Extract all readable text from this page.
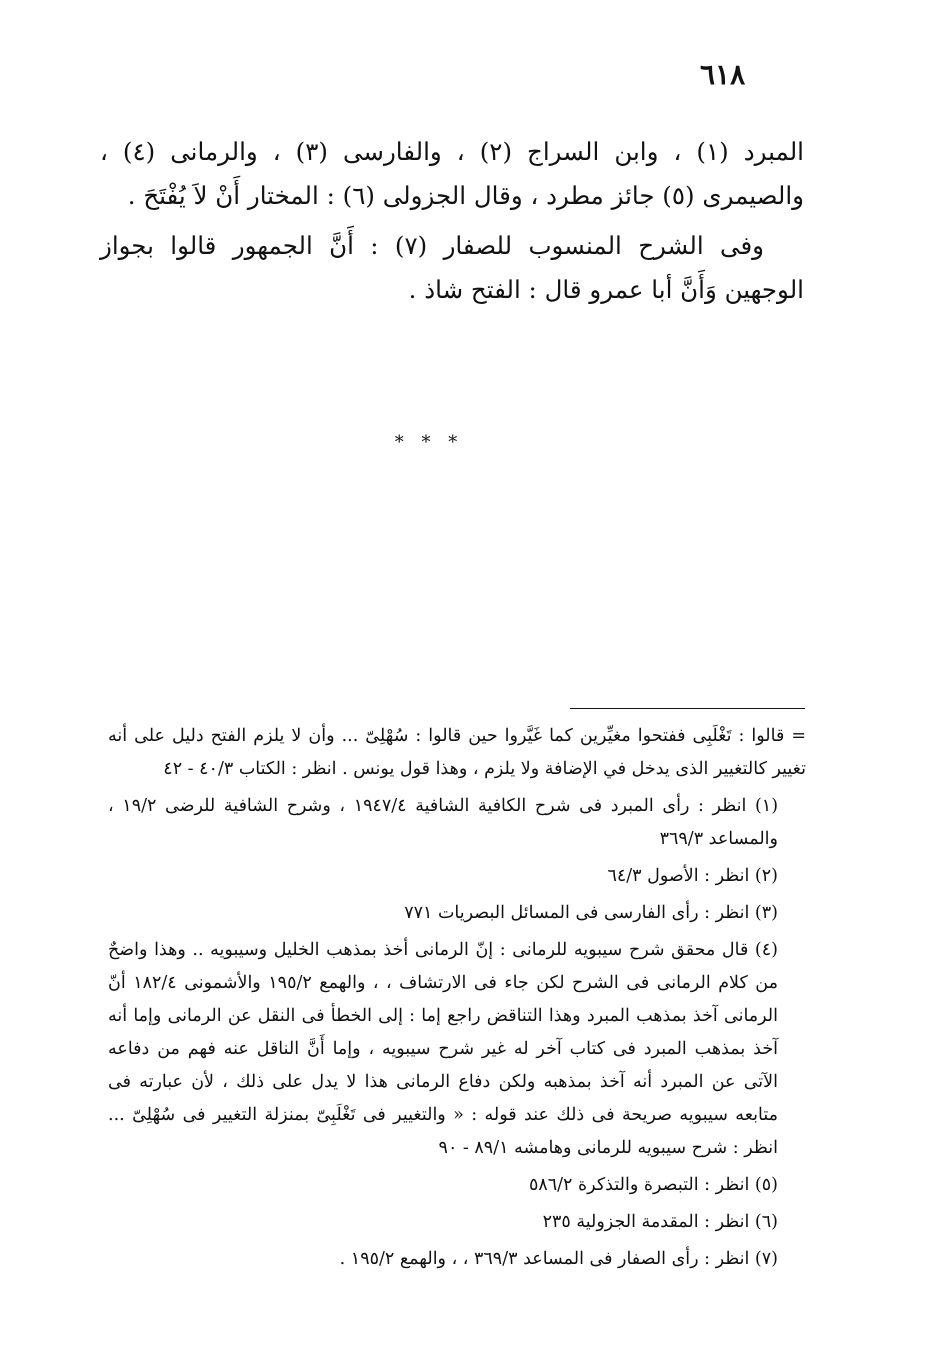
٦١٨

المبرد (١) ، وابن السراج (٢) ، والفارسى (٣) ، والرمانى (٤) ، والصيمرى (٥) جائز مطرد ، وقال الجزولى (٦) : المختار أَنْ لاَ يُفْتَحَ .

وفى الشرح المنسوب للصفار (٧) : أَنَّ الجمهور قالوا بجواز الوجهين وَأَنَّ أبا عمرو قال : الفتح شاذ .

* * *

= قالوا : تَغْلَبِى ففتحوا مغيِّرين كما غَيَّروا حين قالوا : سُهْلِىّ ... وأن لا يلزم الفتح دليل على أنه تغيير كالتغيير الذى يدخل في الإضافة ولا يلزم ، وهذا قول يونس . انظر : الكتاب ٤٠/٣ - ٤٢

(١) انظر : رأى المبرد فى شرح الكافية الشافية ١٩٤٧/٤ ، وشرح الشافية للرضى ١٩/٢ ، والمساعد ٣٦٩/٣

(٢) انظر : الأصول ٦٤/٣

(٣) انظر : رأى الفارسى فى المسائل البصريات ٧٧١

(٤) قال محقق شرح سيبويه للرمانى : إنّ الرمانى أخذ بمذهب الخليل وسيبويه .. وهذا واضحٌ من كلام الرمانى فى الشرح لكن جاء فى الارتشاف ، ، والهمع ١٩٥/٢ والأشمونى ١٨٢/٤ أنّ الرمانى آخذ بمذهب المبرد وهذا التناقض راجع إما : إلى الخطأ فى النقل عن الرمانى وإما أنه آخذ بمذهب المبرد فى كتاب آخر له غير شرح سيبويه ، وإما أَنَّ الناقل عنه فهم من دفاعه الآتى عن المبرد أنه آخذ بمذهبه ولكن دفاع الرمانى هذا لا يدل على ذلك ، لأن عبارته فى متابعه سيبويه صريحة فى ذلك عند قوله : « والتغيير فى تَغْلَبِىّ بمنزلة التغيير فى سُهْلِىّ ... انظر : شرح سيبويه للرمانى وهامشه ٨٩/١ - ٩٠

(٥) انظر : التبصرة والتذكرة ٥٨٦/٢

(٦) انظر : المقدمة الجزولية ٢٣٥

(٧) انظر : رأى الصفار فى المساعد ٣٦٩/٣ ، ، والهمع ١٩٥/٢ .
